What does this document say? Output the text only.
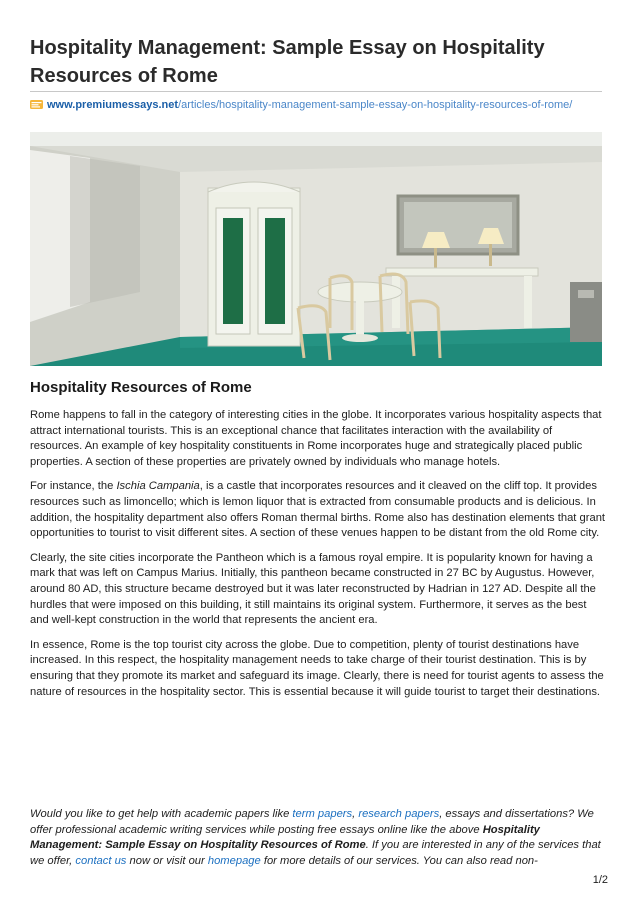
Hospitality Management: Sample Essay on Hospitality Resources of Rome
www.premiumessays.net/articles/hospitality-management-sample-essay-on-hospitality-resources-of-rome/
Hospitality Resources of Rome

Rome happens to fall in the category of interesting cities in the globe. It incorporates various hospitality aspects that attract international tourists. This is an exceptional chance that facilitates interaction with the availability of resources. An example of key hospitality constituents in Rome incorporates huge and strategically placed public properties. A section of these properties are privately owned by individuals who manage hotels.

For instance, the Ischia Campania, is a castle that incorporates resources and it cleaved on the cliff top. It provides resources such as limoncello; which is lemon liquor that is extracted from consumable products and is delicious. In addition, the hospitality department also offers Roman thermal births. Rome also has destination elements that grant opportunities to tourist to visit different sites. A section of these venues happen to be distant from the old Rome city.

Clearly, the site cities incorporate the Pantheon which is a famous royal empire. It is popularity known for having a mark that was left on Campus Marius. Initially, this pantheon became constructed in 27 BC by Augustus. However, around 80 AD, this structure became destroyed but it was later reconstructed by Hadrian in 127 AD. Despite all the hurdles that were imposed on this building, it still maintains its original system. Furthermore, it serves as the best and well-kept construction in the world that represents the ancient era.

In essence, Rome is the top tourist city across the globe. Due to competition, plenty of tourist destinations have increased. In this respect, the hospitality management needs to take charge of their tourist destination. This is by ensuring that they promote its market and safeguard its image. Clearly, there is need for tourist agents to assess the nature of resources in the hospitality sector. This is essential because it will guide tourist to target their destinations.

Would you like to get help with academic papers like term papers, research papers, essays and dissertations? We offer professional academic writing services while posting free essays online like the above Hospitality Management: Sample Essay on Hospitality Resources of Rome. If you are interested in any of the services that we offer, contact us now or visit our homepage for more details of our services. You can also read non-
1/2
